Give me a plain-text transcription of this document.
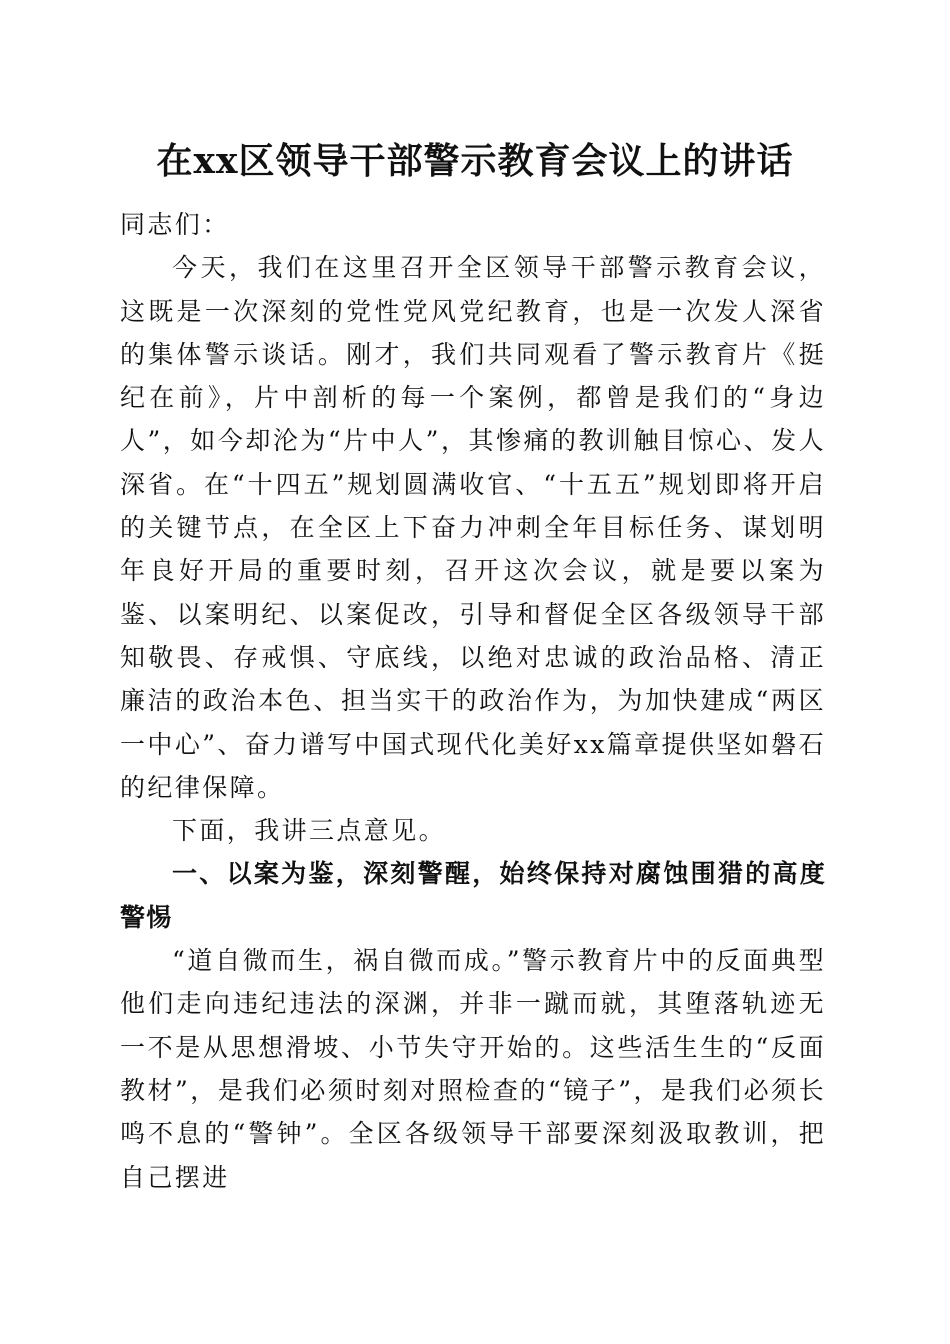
在xx区领导干部警示教育会议上的讲话

同志们：

今天，我们在这里召开全区领导干部警示教育会议，这既是一次深刻的党性党风党纪教育，也是一次发人深省的集体警示谈话。刚才，我们共同观看了警示教育片《挺纪在前》，片中剖析的每一个案例，都曾是我们的“身边人”，如今却沦为“片中人”，其惨痛的教训触目惊心、发人深省。在“十四五”规划圆满收官、“十五五”规划即将开启的关键节点，在全区上下奋力冲刺全年目标任务、谋划明年良好开局的重要时刻，召开这次会议，就是要以案为鉴、以案明纪、以案促改，引导和督促全区各级领导干部知敬畏、存戒惧、守底线，以绝对忠诚的政治品格、清正廉洁的政治本色、担当实干的政治作为，为加快建成“两区一中心”、奋力谱写中国式现代化美好xx篇章提供坚如磐石的纪律保障。

下面，我讲三点意见。

一、以案为鉴，深刻警醒，始终保持对腐蚀围猎的高度警惕

“道自微而生，祸自微而成。”警示教育片中的反面典型他们走向违纪违法的深渊，并非一蹴而就，其堕落轨迹无一不是从思想滑坡、小节失守开始的。这些活生生的“反面教材”，是我们必须时刻对照检查的“镜子”，是我们必须长鸣不息的“警钟”。全区各级领导干部要深刻汲取教训，把自己摆进
